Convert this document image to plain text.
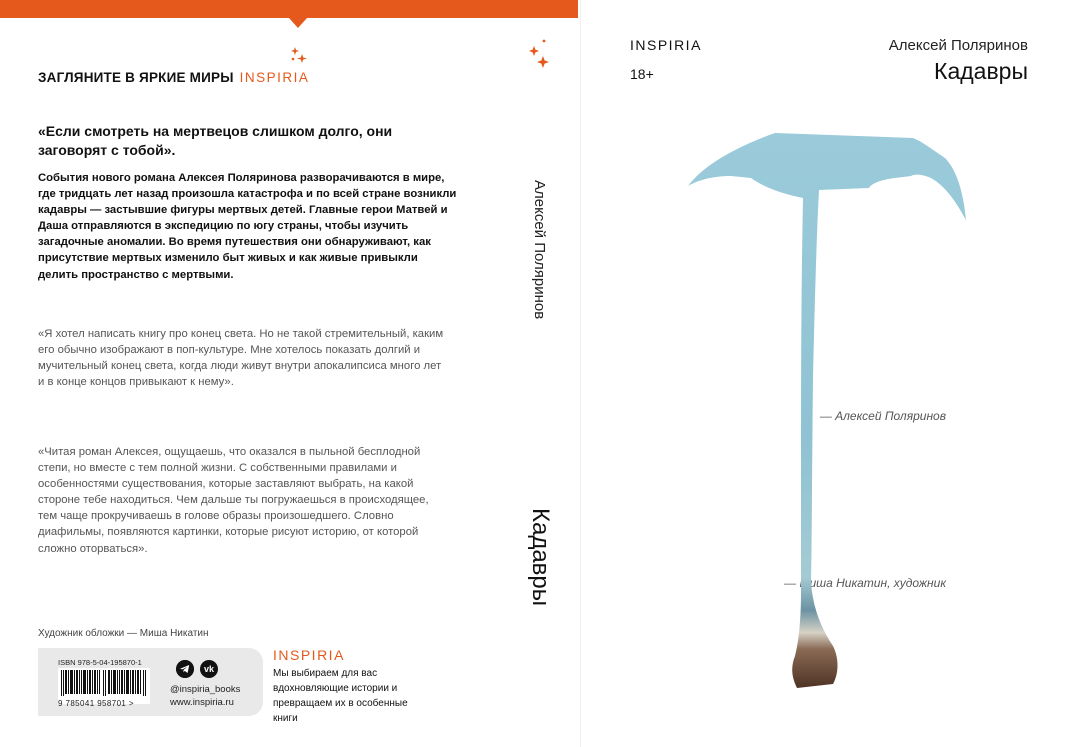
ЗАГЛЯНИТЕ В ЯРКИЕ МИРЫ INSPIRIA
«Если смотреть на мертвецов слишком долго, они заговорят с тобой».
События нового романа Алексея Поляринова разворачиваются в мире, где тридцать лет назад произошла катастрофа и по всей стране возникли кадавры — застывшие фигуры мертвых детей. Главные герои Матвей и Даша отправляются в экспедицию по югу страны, чтобы изучить загадочные аномалии. Во время путешествия они обнаруживают, как присутствие мертвых изменило быт живых и как живые привыкли делить пространство с мертвыми.
«Я хотел написать книгу про конец света. Но не такой стремительный, каким его обычно изображают в поп-культуре. Мне хотелось показать долгий и мучительный конец света, когда люди живут внутри апокалипсиса много лет и в конце концов привыкают к нему».
— Алексей Поляринов
«Читая роман Алексея, ощущаешь, что оказался в пыльной бесплодной степи, но вместе с тем полной жизни. С собственными правилами и особенностями существования, которые заставляют выбрать, на какой стороне тебе находиться. Чем дальше ты погружаешься в происходящее, тем чаще прокручиваешь в голове образы произошедшего. Словно диафильмы, появляются картинки, которые рисуют историю, от которой сложно оторваться».
— Миша Никатин, художник
Художник обложки — Миша Никатин
ISBN 978-5-04-195870-1
9 785041 958701 >
vk
@inspiria_books
www.inspiria.ru
INSPIRIA
Мы выбираем для вас вдохновляющие истории и превращаем их в особенные книги
Алексей Поляринов
Кадавры
INSPIRIA
18+
Алексей Поляринов
Кадавры
